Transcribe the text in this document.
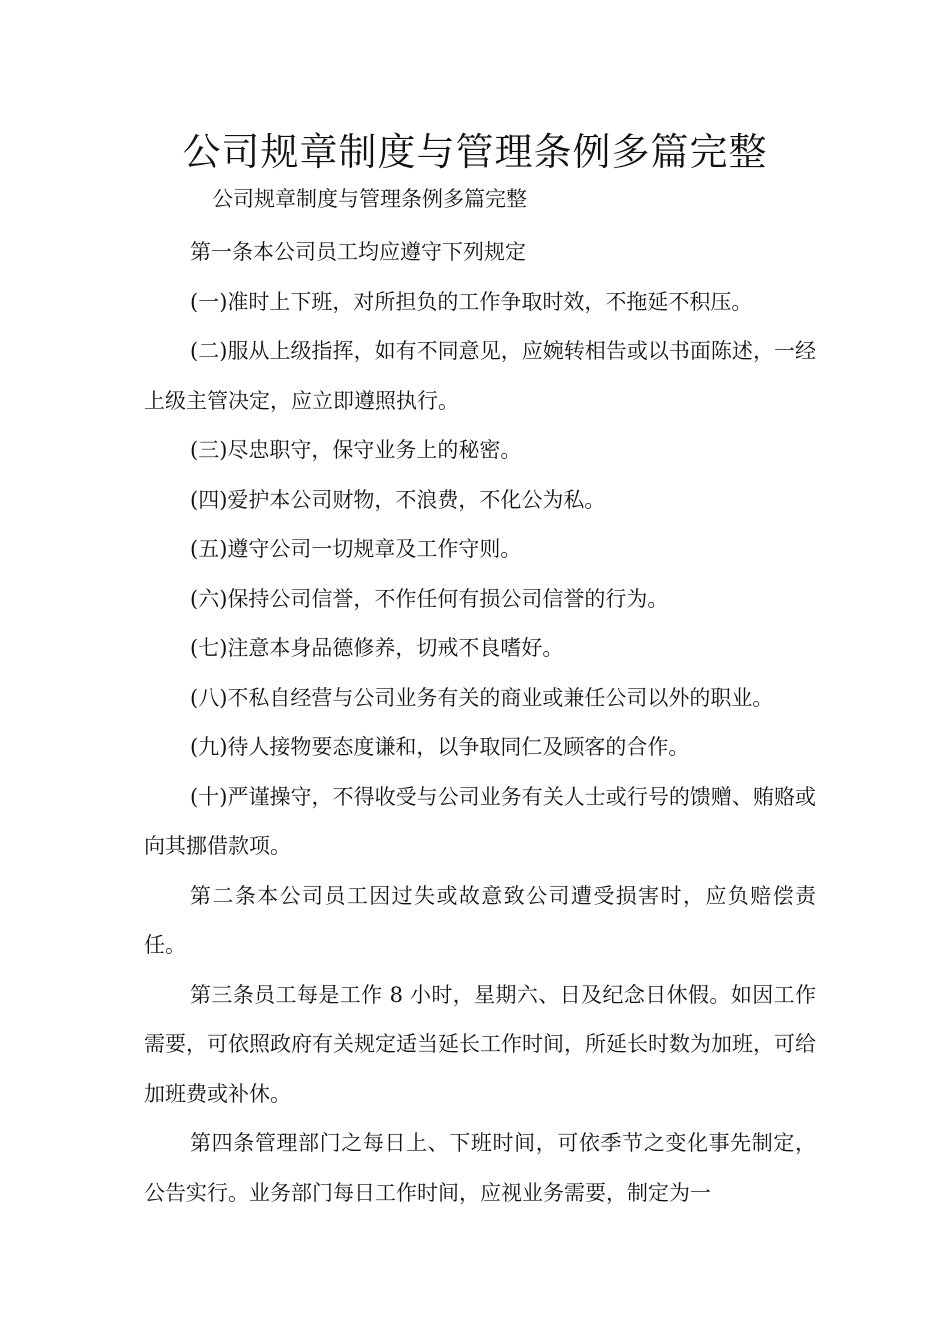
公司规章制度与管理条例多篇完整

公司规章制度与管理条例多篇完整

第一条本公司员工均应遵守下列规定

(一)准时上下班，对所担负的工作争取时效，不拖延不积压。

(二)服从上级指挥，如有不同意见，应婉转相告或以书面陈述，一经上级主管决定，应立即遵照执行。

(三)尽忠职守，保守业务上的秘密。

(四)爱护本公司财物，不浪费，不化公为私。

(五)遵守公司一切规章及工作守则。

(六)保持公司信誉，不作任何有损公司信誉的行为。

(七)注意本身品德修养，切戒不良嗜好。

(八)不私自经营与公司业务有关的商业或兼任公司以外的职业。

(九)待人接物要态度谦和，以争取同仁及顾客的合作。

(十)严谨操守，不得收受与公司业务有关人士或行号的馈赠、贿赂或向其挪借款项。

第二条本公司员工因过失或故意致公司遭受损害时，应负赔偿责任。

第三条员工每是工作 8 小时，星期六、日及纪念日休假。如因工作需要，可依照政府有关规定适当延长工作时间，所延长时数为加班，可给加班费或补休。

第四条管理部门之每日上、下班时间，可依季节之变化事先制定，公告实行。业务部门每日工作时间，应视业务需要，制定为一
